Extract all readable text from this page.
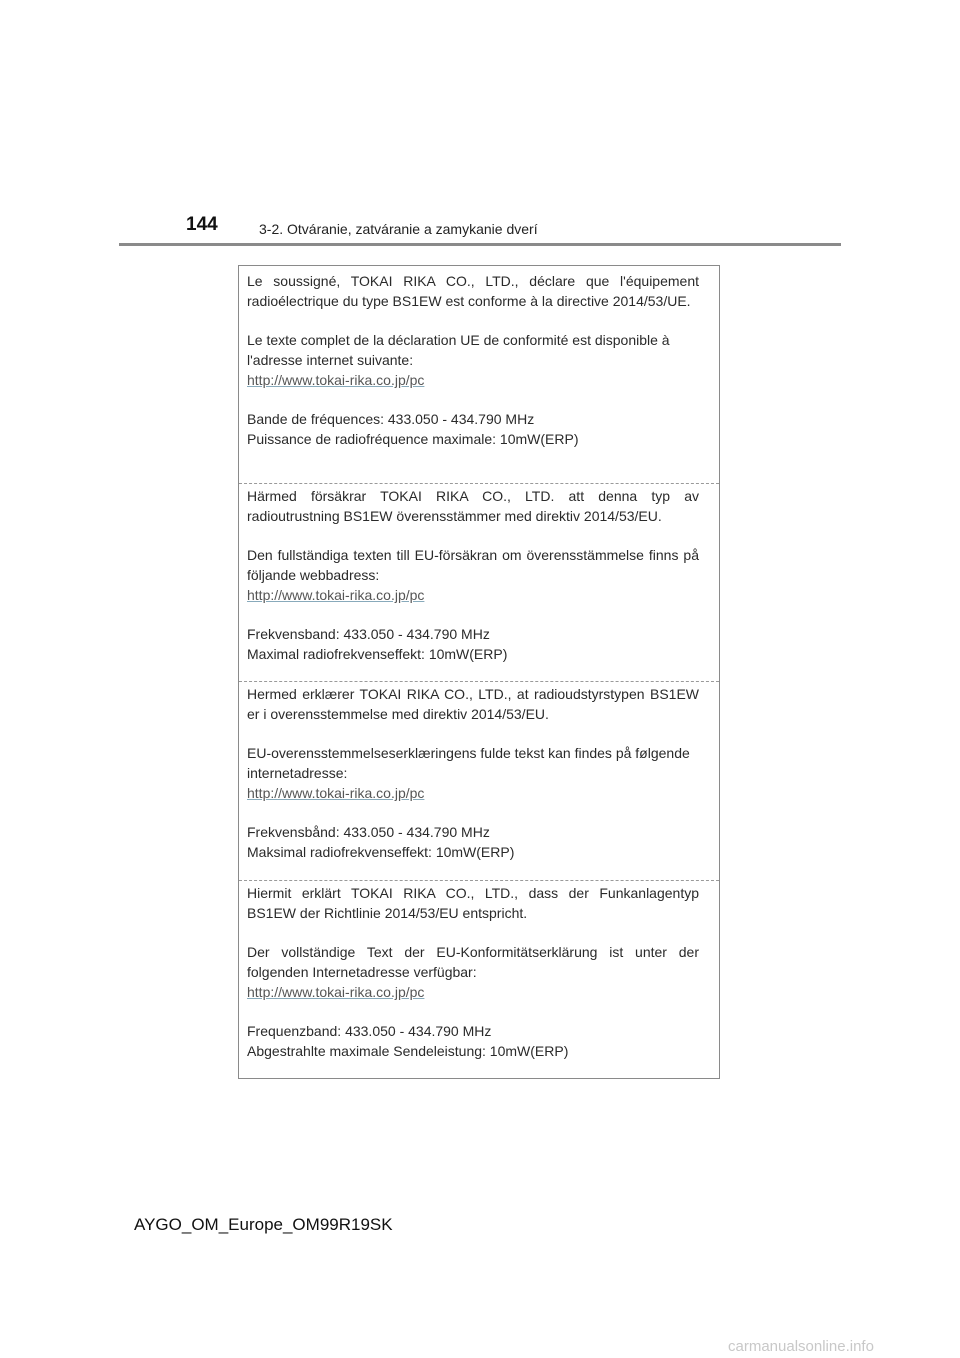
144	3-2. Otváranie, zatváranie a zamykanie dverí

Le soussigné, TOKAI RIKA CO., LTD., déclare que l'équipement radioélectrique du type BS1EW est conforme à la directive 2014/53/UE.

Le texte complet de la déclaration UE de conformité est disponible à l'adresse internet suivante:

http://www.tokai-rika.co.jp/pc

Bande de fréquences: 433.050 - 434.790 MHz

Puissance de radiofréquence maximale: 10mW(ERP)

Härmed försäkrar TOKAI RIKA CO., LTD. att denna typ av radioutrustning BS1EW överensstämmer med direktiv 2014/53/EU.

Den fullständiga texten till EU-försäkran om överensstämmelse finns på följande webbadress:

http://www.tokai-rika.co.jp/pc

Frekvensband: 433.050 - 434.790 MHz

Maximal radiofrekvenseffekt: 10mW(ERP)

Hermed erklærer TOKAI RIKA CO., LTD., at radioudstyrstypen BS1EW er i overensstemmelse med direktiv 2014/53/EU.

EU-overensstemmelseserklæringens fulde tekst kan findes på følgende internetadresse:

http://www.tokai-rika.co.jp/pc

Frekvensbånd: 433.050 - 434.790 MHz

Maksimal radiofrekvenseffekt: 10mW(ERP)

Hiermit erklärt TOKAI RIKA CO., LTD., dass der Funkanlagentyp BS1EW der Richtlinie 2014/53/EU entspricht.

Der vollständige Text der EU-Konformitätserklärung ist unter der folgenden Internetadresse verfügbar:

http://www.tokai-rika.co.jp/pc

Frequenzband: 433.050 - 434.790 MHz

Abgestrahlte maximale Sendeleistung: 10mW(ERP)

AYGO_OM_Europe_OM99R19SK
carmanualsonline.info
